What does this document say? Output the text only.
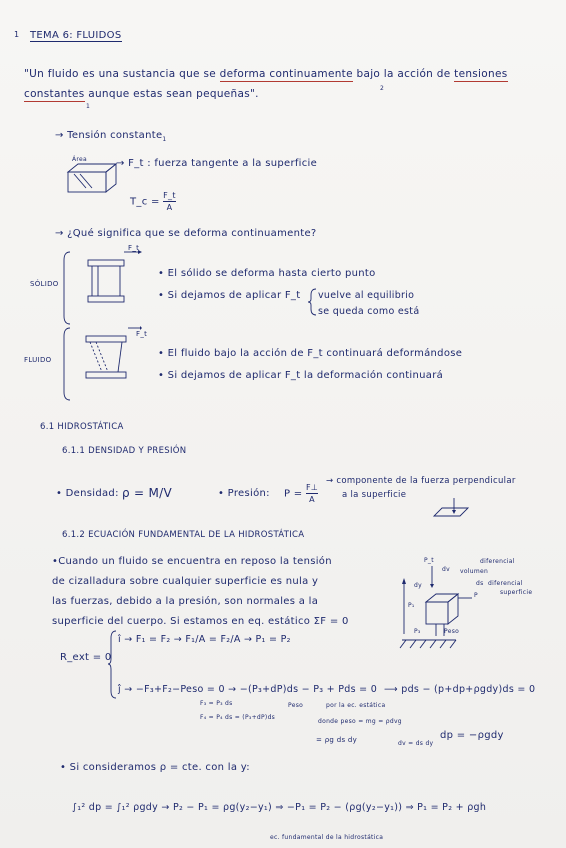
1 TEMA 6: FLUIDOS
"Un fluido es una sustancia que se deforma continuamente bajo la acción de tensiones
constantes aunque estas sean pequeñas".
1
2
→ Tensión constante$_1$
Área	→ F_t : fuerza tangente a la superficie
T_c = $\frac{F\_t}{A}$
→ ¿Qué significa que se deforma continuamente?
SÓLIDO
F_t
• El sólido se deforma hasta cierto punto
• Si dejamos de aplicar F_t vuelve al equilibrio
se queda como está
FLUIDO
F_t
• El fluido bajo la acción de F_t continuará deformándose
• Si dejamos de aplicar F_t la deformación continuará
6.1 HIDROSTÁTICA
6.1.1 DENSIDAD Y PRESIÓN
• Densidad: ρ = M/V	• Presión: $P = \frac{F\perp}{A}$
→ componente de la fuerza perpendicular
a la superficie
6.1.2 ECUACIÓN FUNDAMENTAL DE LA HIDROSTÁTICA
•Cuando un fluido se encuentra en reposo la tensión
de cizalladura sobre cualquier superficie es nula y
las fuerzas, debido a la presión, son normales a la
superficie del cuerpo. Si estamos en eq. estático ΣF = 0
P_t
dv
diferencial
volumen
ds diferencial
superficie
P
dy
P₁
P₃	Peso
R_ext = 0
î → F₁ = F₂ → F₁/A = F₂/A → P₁ = P₂
ĵ → −F₃+F₂−Peso = 0 → −(P₃+dP)ds − P₃ + Pds = 0 ⟶ pds − (p+dp+ρgdy)ds = 0
F₃ = P₃ ds
F₄ = P₄ ds = (P₃+dP)ds
Peso	por la ec. estática
donde peso = mg = ρdvg
= ρg ds dy	dv = ds dy
dp = −ρgdy
• Si consideramos ρ = cte. con la y:
∫₁² dp = ∫₁² ρgdy → P₂ − P₁ = ρg(y₂−y₁) ⇒ −P₁ = P₂ − (ρg(y₂−y₁)) ⇒ P₁ = P₂ + ρgh
ec. fundamental de la hidrostática
